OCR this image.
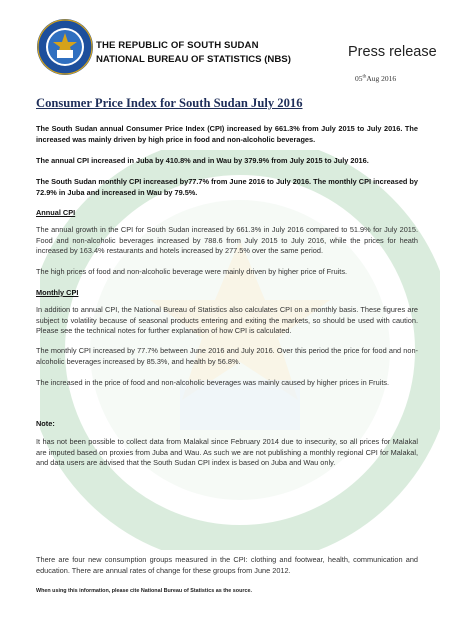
THE REPUBLIC OF SOUTH SUDAN
NATIONAL BUREAU OF STATISTICS (NBS)	Press release
05thAug 2016
Consumer Price Index for South Sudan July 2016
The South Sudan annual Consumer Price Index (CPI) increased by 661.3% from July 2015 to July 2016. The increased was mainly driven by high price in food and non-alcoholic beverages.
The annual CPI increased in Juba by 410.8% and in Wau by 379.9% from July 2015 to July 2016.
The South Sudan monthly CPI increased by77.7% from June 2016 to July 2016. The monthly CPI increased by 72.9% in Juba and increased in Wau by 79.5%.
Annual CPI
The annual growth in the CPI for South Sudan increased by 661.3% in July 2016 compared to 51.9% for July 2015. Food and non-alcoholic beverages increased by 788.6 from July 2015 to July 2016, while the prices for heath increased by 163.4% restaurants and hotels increased by 277.5% over the same period.
The high prices of food and non-alcoholic beverage were mainly driven by higher price of Fruits.
Monthly CPI
In addition to annual CPI, the National Bureau of Statistics also calculates CPI on a monthly basis. These figures are subject to volatility because of seasonal products entering and exiting the markets, so should be used with caution. Please see the technical notes for further explanation of how CPI is calculated.
The monthly CPI increased by 77.7% between June 2016 and July 2016. Over this period the price for food and non-alcoholic beverages increased by 85.3%, and health by 56.8%.
The increased in the price of food and non-alcoholic beverages was mainly caused by higher prices in Fruits.
Note:
It has not been possible to collect data from Malakal since February 2014 due to insecurity, so all prices for Malakal are imputed based on proxies from Juba and Wau. As such we are not publishing a monthly regional CPI for Malakal, and data users are advised that the South Sudan CPI index is based on Juba and Wau only.
There are four new consumption groups measured in the CPI: clothing and footwear, health, communication and education. There are annual rates of change for these groups from June 2012.
When using this information, please cite National Bureau of Statistics as the source.
